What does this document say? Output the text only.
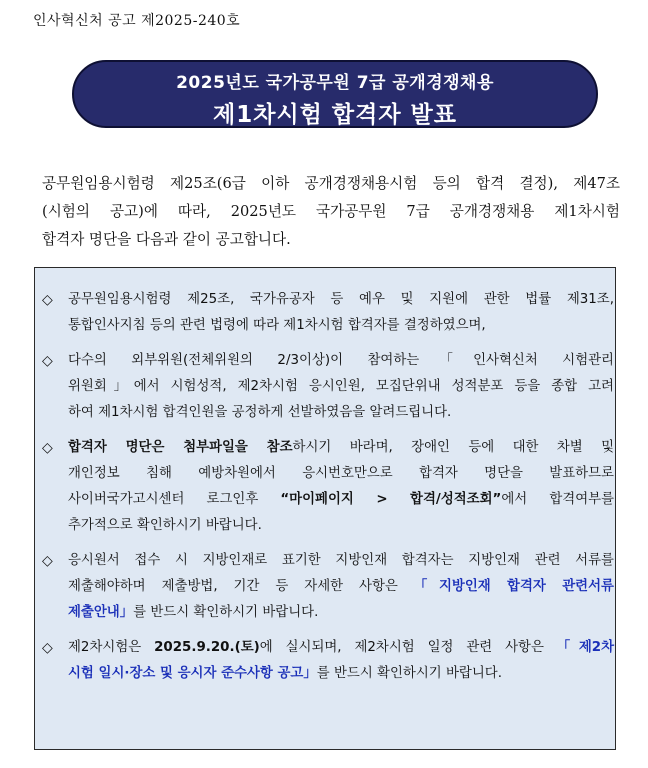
인사혁신처 공고 제2025-240호
2025년도 국가공무원 7급 공개경쟁채용
제1차시험 합격자 발표
공무원임용시험령 제25조(6급 이하 공개경쟁채용시험 등의 합격 결정), 제47조
(시험의 공고)에 따라, 2025년도 국가공무원 7급 공개경쟁채용 제1차시험
합격자 명단을 다음과 같이 공고합니다.
◇ 공무원임용시험령 제25조, 국가유공자 등 예우 및 지원에 관한 법률 제31조,
통합인사지침 등의 관련 법령에 따라 제1차시험 합격자를 결정하였으며,
◇ 다수의 외부위원(전체위원의 2/3이상)이 참여하는「인사혁신처 시험관리
위원회」에서 시험성적, 제2차시험 응시인원, 모집단위내 성적분포 등을 종합 고려
하여 제1차시험 합격인원을 공정하게 선발하였음을 알려드립니다.
◇ 합격자 명단은 첨부파일을 참조하시기 바라며, 장애인 등에 대한 차별 및
개인정보 침해 예방차원에서 응시번호만으로 합격자 명단을 발표하므로
사이버국가고시센터 로그인후 “마이페이지 > 합격/성적조회”에서 합격여부를
추가적으로 확인하시기 바랍니다.
◇ 응시원서 접수 시 지방인재로 표기한 지방인재 합격자는 지방인재 관련 서류를
제출해야하며 제출방법, 기간 등 자세한 사항은 「지방인재 합격자 관련서류
제출안내」를 반드시 확인하시기 바랍니다.
◇ 제2차시험은 2025.9.20.(토)에 실시되며, 제2차시험 일정 관련 사항은 「제2차
시험 일시·장소 및 응시자 준수사항 공고」를 반드시 확인하시기 바랍니다.
